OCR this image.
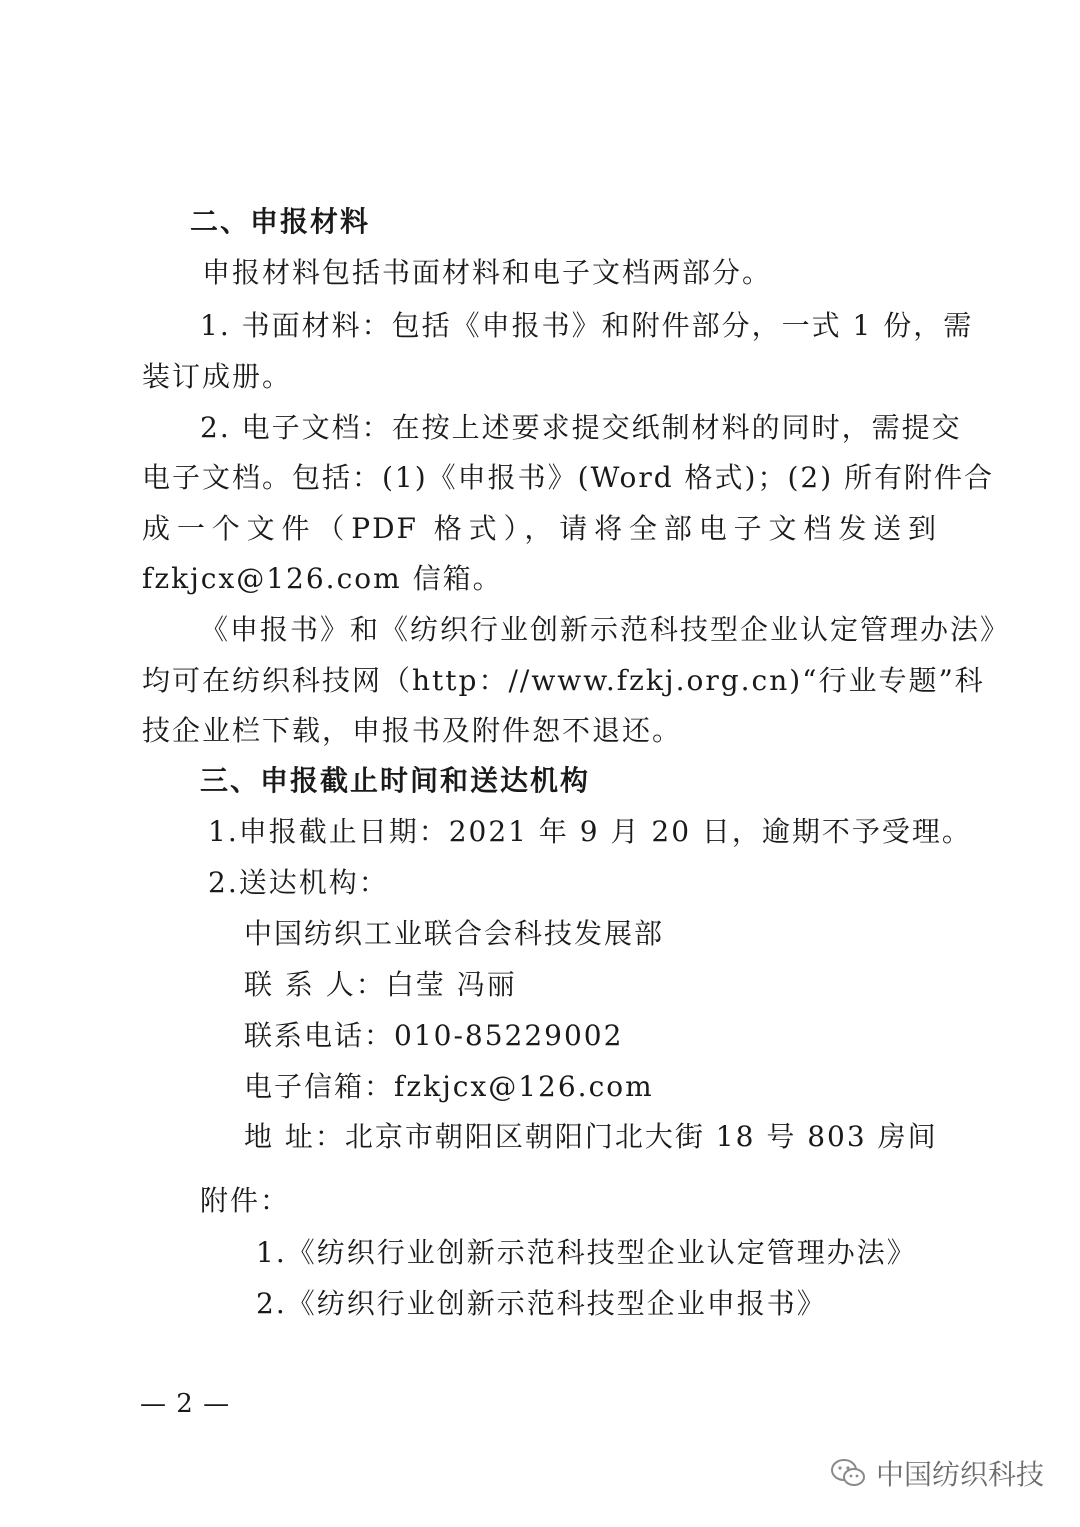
二、申报材料
申报材料包括书面材料和电子文档两部分。
1. 书面材料：包括《申报书》和附件部分，一式 1 份，需
装订成册。
2. 电子文档：在按上述要求提交纸制材料的同时，需提交
电子文档。包括：(1)《申报书》(Word 格式)；(2) 所有附件合
成一个文件（PDF 格式），请将全部电子文档发送到
fzkjcx@126.com 信箱。
《申报书》和《纺织行业创新示范科技型企业认定管理办法》
均可在纺织科技网（http：//www.fzkj.org.cn)“行业专题”科
技企业栏下载，申报书及附件恕不退还。
三、申报截止时间和送达机构
1.申报截止日期：2021 年 9 月 20 日，逾期不予受理。
2.送达机构：
中国纺织工业联合会科技发展部
联 系 人：白莹 冯丽
联系电话：010-85229002
电子信箱：fzkjcx@126.com
地 址：北京市朝阳区朝阳门北大街 18 号 803 房间
附件：
1.《纺织行业创新示范科技型企业认定管理办法》
2.《纺织行业创新示范科技型企业申报书》
— 2 —
中国纺织科技
